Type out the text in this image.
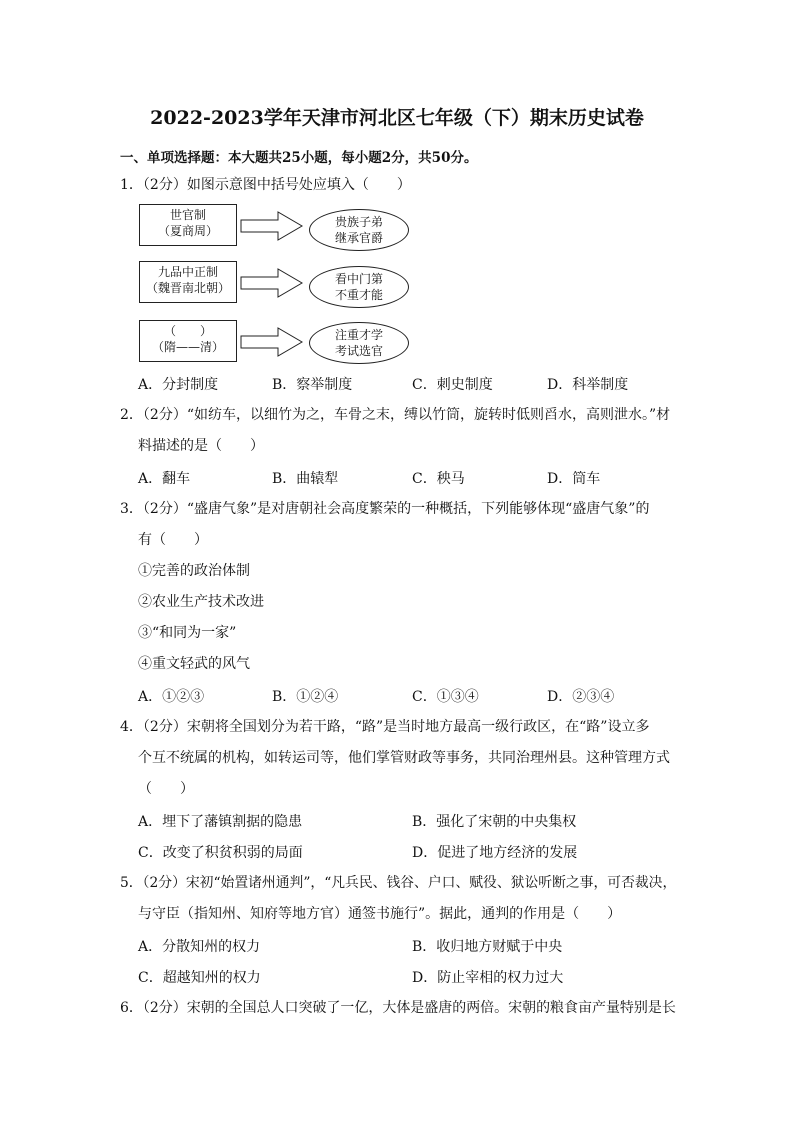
2022-2023学年天津市河北区七年级（下）期末历史试卷
一、单项选择题：本大题共25小题，每小题2分，共50分。
1．（2分）如图示意图中括号处应填入（　　）
世官制
（夏商周）
贵族子弟
继承官爵
九品中正制
（魏晋南北朝）
看中门第
不重才能
（　　）
（隋——清）
注重才学
考试选官
A．分封制度	B．察举制度	C．刺史制度	D．科举制度
2．（2分）“如纺车，以细竹为之，车骨之末，缚以竹筒，旋转时低则舀水，高则泄水。”材
料描述的是（　　）
A．翻车	B．曲辕犁	C．秧马	D．筒车
3．（2分）“盛唐气象”是对唐朝社会高度繁荣的一种概括，下列能够体现“盛唐气象”的
有（　　）
①完善的政治体制
②农业生产技术改进
③“和同为一家”
④重文轻武的风气
A．①②③	B．①②④	C．①③④	D．②③④
4．（2分）宋朝将全国划分为若干路，“路”是当时地方最高一级行政区，在“路”设立多
个互不统属的机构，如转运司等，他们掌管财政等事务，共同治理州县。这种管理方式
（　　）
A．埋下了藩镇割据的隐患	B．强化了宋朝的中央集权
C．改变了积贫积弱的局面	D．促进了地方经济的发展
5．（2分）宋初“始置诸州通判”，“凡兵民、钱谷、户口、赋役、狱讼听断之事，可否裁决，
与守臣（指知州、知府等地方官）通签书施行”。据此，通判的作用是（　　）
A．分散知州的权力	B．收归地方财赋于中央
C．超越知州的权力	D．防止宰相的权力过大
6．（2分）宋朝的全国总人口突破了一亿，大体是盛唐的两倍。宋朝的粮食亩产量特别是长
